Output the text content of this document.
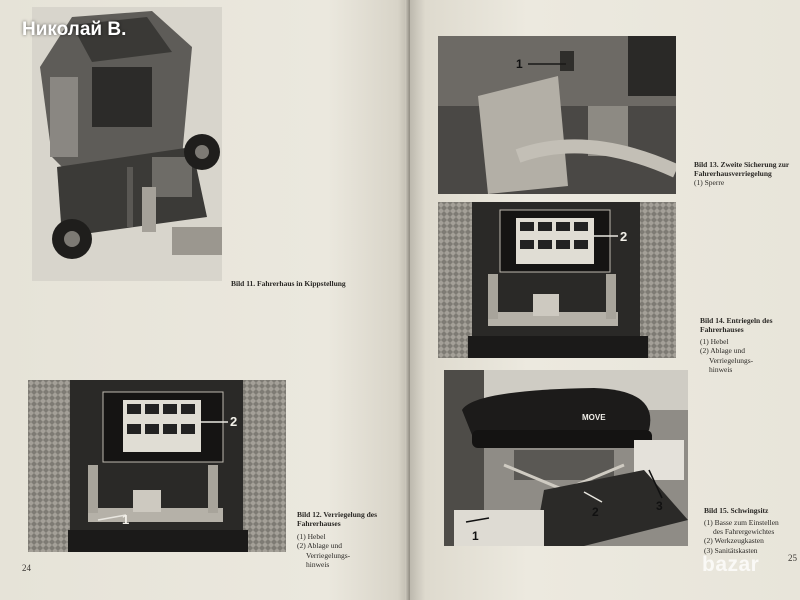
Bild 11. Fahrerhaus in Kippstellung
2
1	Bild 12. Verriegelung des Fahrerhauses
(1) Hebel
(2) Ablage und
Verriegelungs-
hinweis
24
1
Bild 13. Zweite Sicherung zur Fahrerhausverriegelung
(1) Sperre
2
Bild 14. Entriegeln des Fahrerhauses
(1) Hebel
(2) Ablage und
Verriegelungs-
hinweis
MOVE
1
2	3	Bild 15. Schwingsitz
(1) Basse zum Einstellen
des Fahrergewichtes
(2) Werkzeugkasten
(3) Sanitätskasten
25
Николай В.
bazar
